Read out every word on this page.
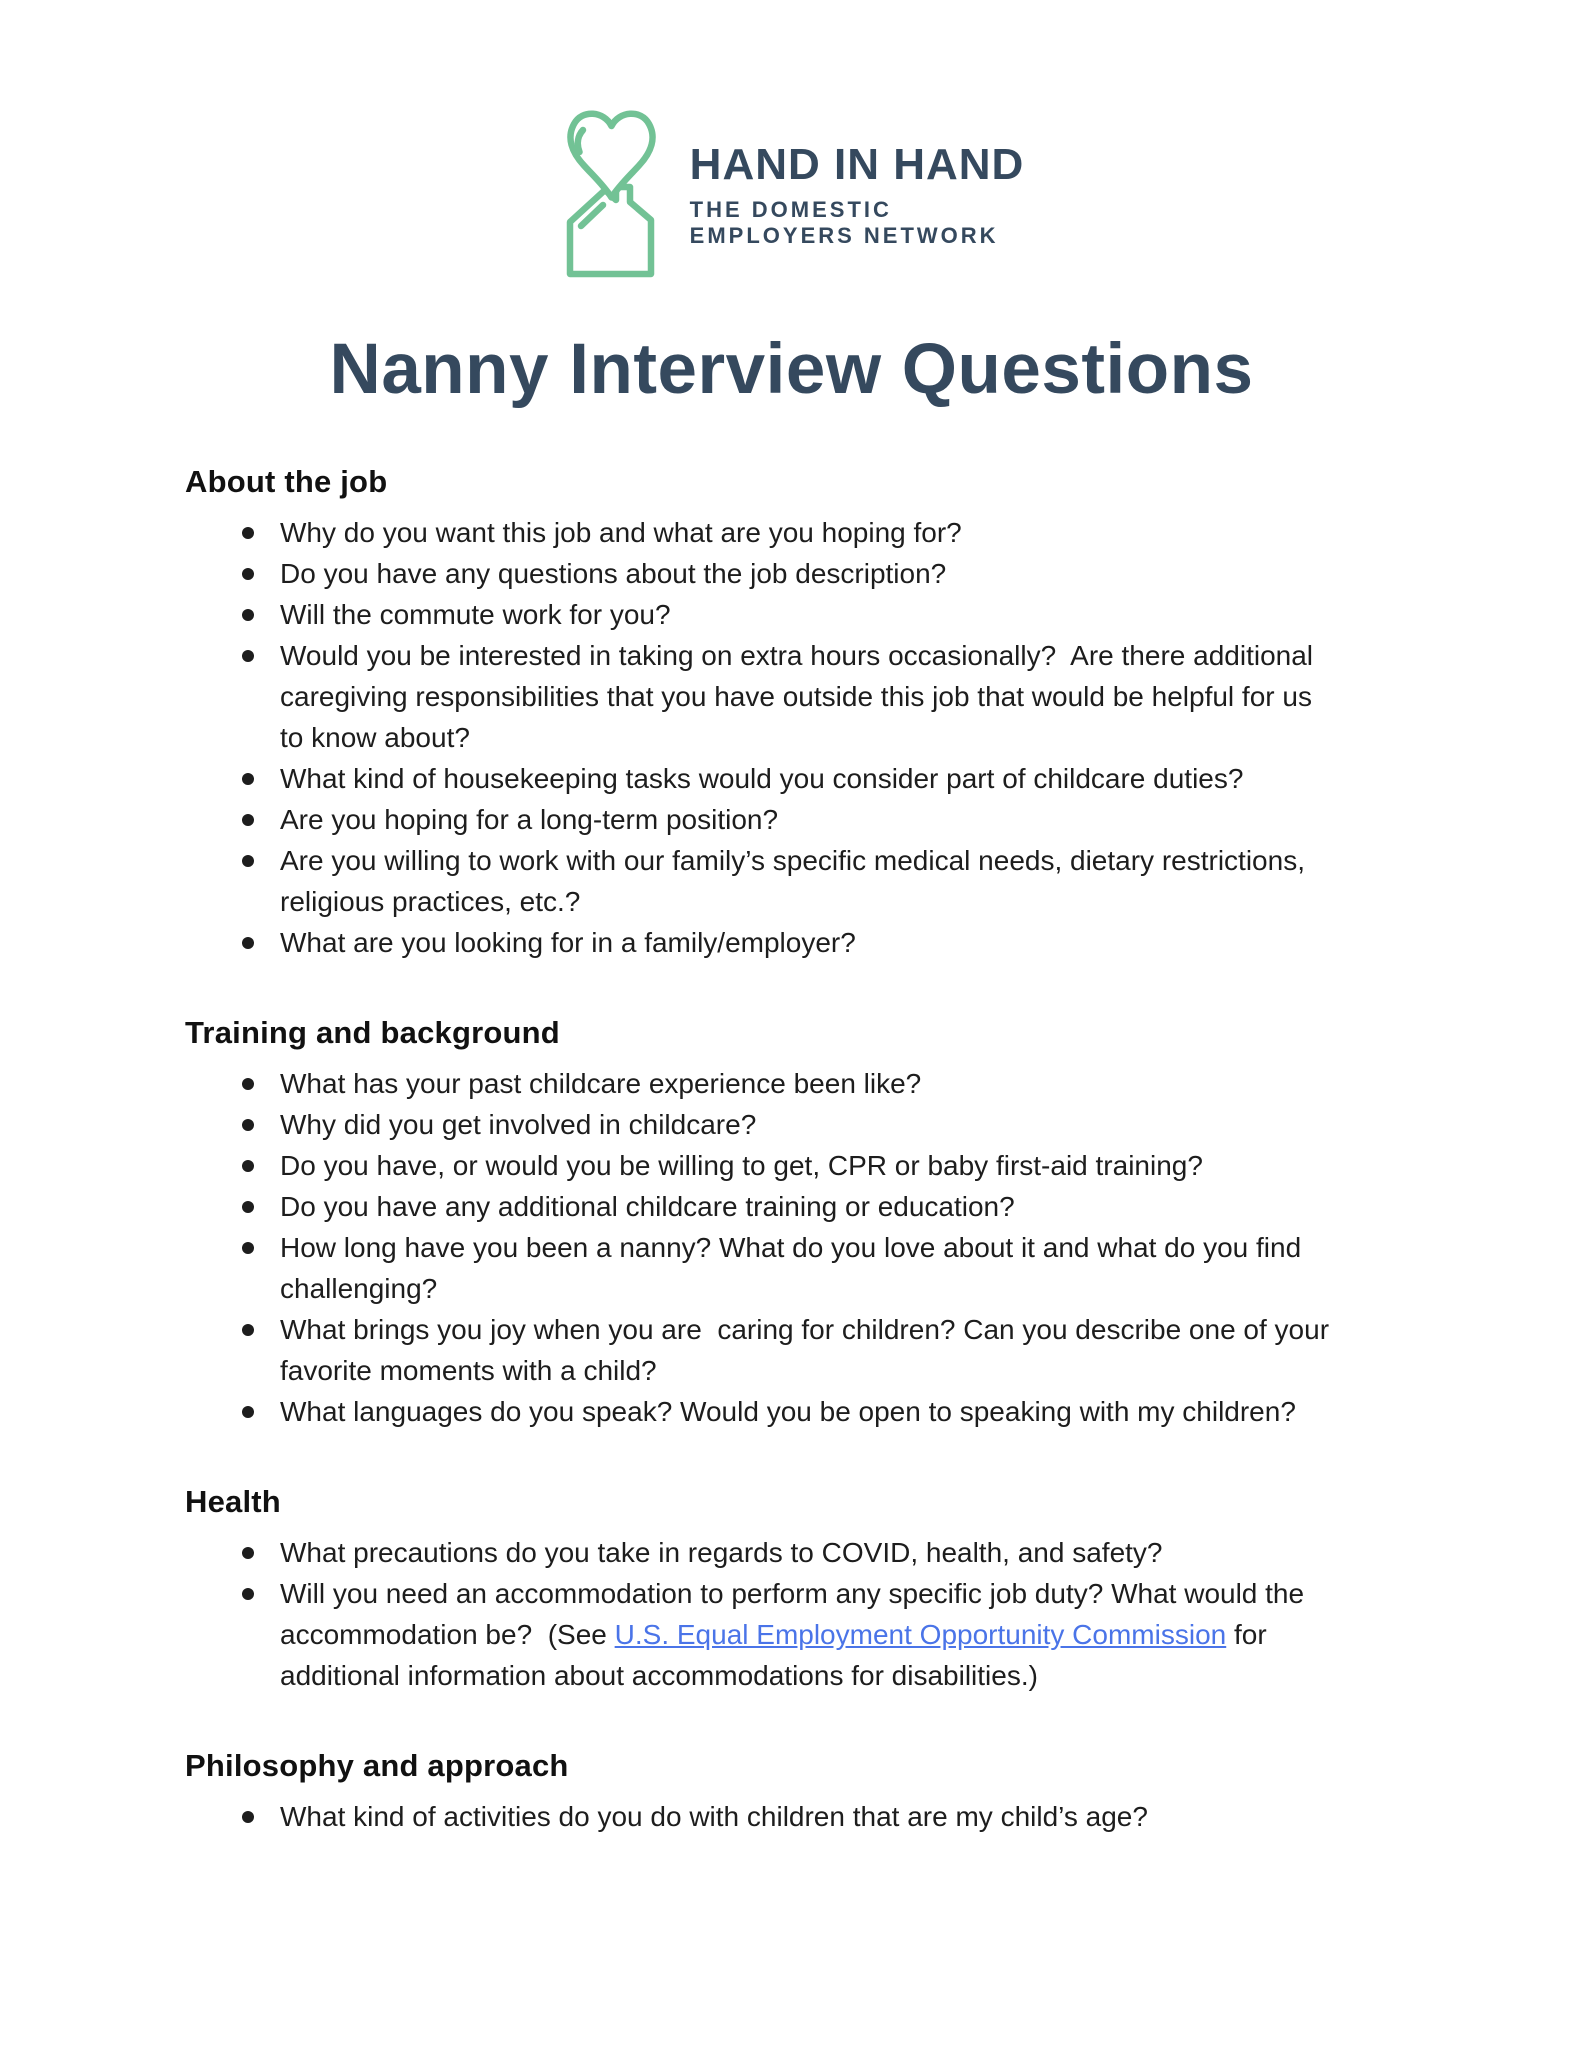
HAND IN HAND
THE DOMESTIC
EMPLOYERS NETWORK
Nanny Interview Questions
About the job
Why do you want this job and what are you hoping for?
Do you have any questions about the job description?
Will the commute work for you?
Would you be interested in taking on extra hours occasionally?  Are there additional caregiving responsibilities that you have outside this job that would be helpful for us to know about?
What kind of housekeeping tasks would you consider part of childcare duties?
Are you hoping for a long-term position?
Are you willing to work with our family’s specific medical needs, dietary restrictions, religious practices, etc.?
What are you looking for in a family/employer?
Training and background
What has your past childcare experience been like?
Why did you get involved in childcare?
Do you have, or would you be willing to get, CPR or baby first-aid training?
Do you have any additional childcare training or education?
How long have you been a nanny? What do you love about it and what do you find challenging?
What brings you joy when you are  caring for children? Can you describe one of your favorite moments with a child?
What languages do you speak? Would you be open to speaking with my children?
Health
What precautions do you take in regards to COVID, health, and safety?
Will you need an accommodation to perform any specific job duty? What would the accommodation be?  (See U.S. Equal Employment Opportunity Commission for additional information about accommodations for disabilities.)
Philosophy and approach
What kind of activities do you do with children that are my child’s age?
